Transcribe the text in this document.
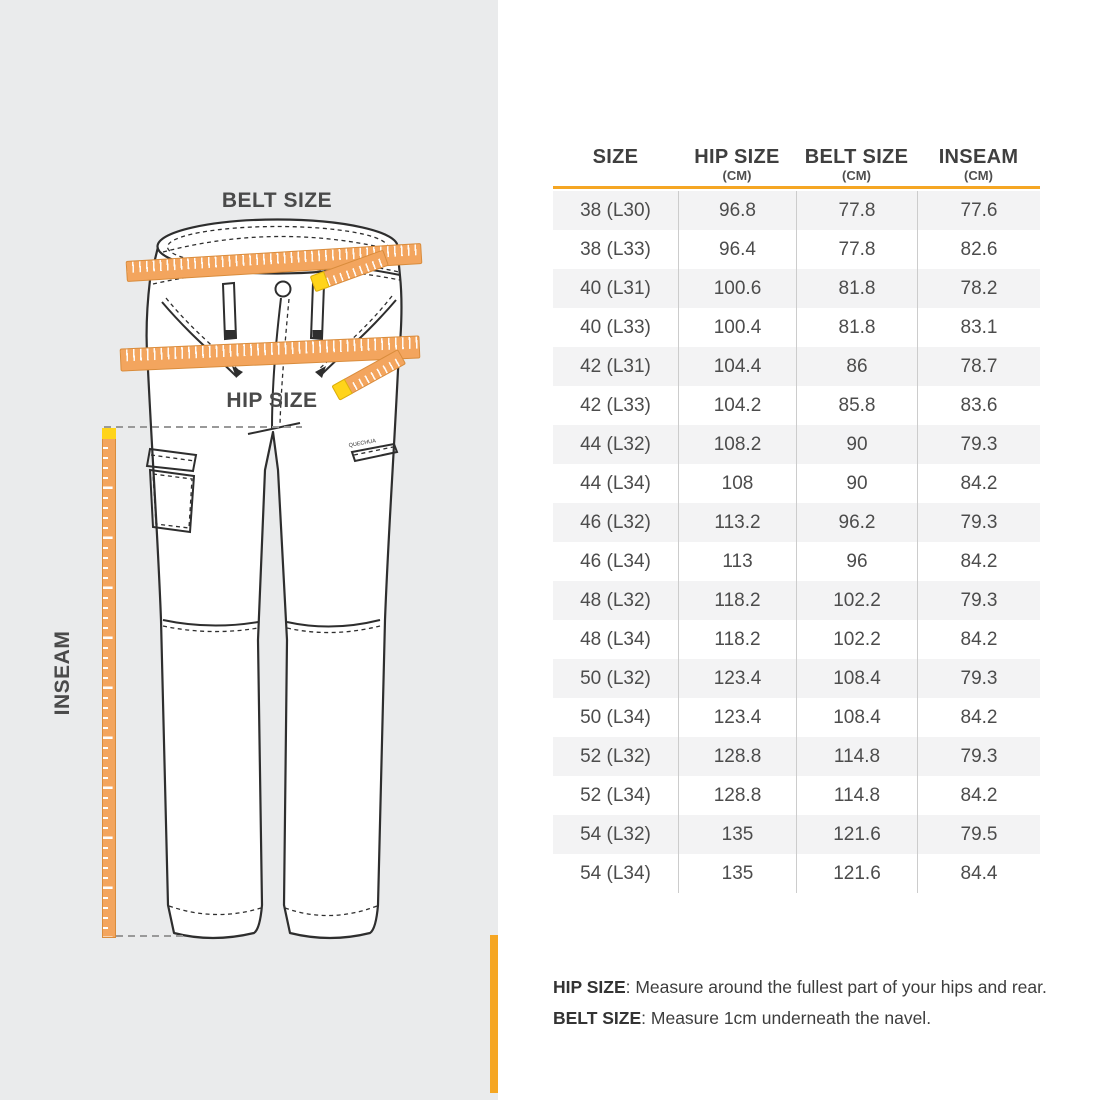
QUECHUA
BELT SIZE
HIP SIZE
INSEAM
SIZE	HIP SIZE
(CM)
BELT SIZE
(CM)
INSEAM
(CM)
38 (L30)	96.8	77.8	77.6
38 (L33)	96.4	77.8	82.6
40 (L31)	100.6	81.8	78.2
40 (L33)	100.4	81.8	83.1
42 (L31)	104.4	86	78.7
42 (L33)	104.2	85.8	83.6
44 (L32)	108.2	90	79.3
44 (L34)	108	90	84.2
46 (L32)	113.2	96.2	79.3
46 (L34)	113	96	84.2
48 (L32)	118.2	102.2	79.3
48 (L34)	118.2	102.2	84.2
50 (L32)	123.4	108.4	79.3
50 (L34)	123.4	108.4	84.2
52 (L32)	128.8	114.8	79.3
52 (L34)	128.8	114.8	84.2
54 (L32)	135	121.6	79.5
54 (L34)	135	121.6	84.4
HIP SIZE: Measure around the fullest part of your hips and rear.
BELT SIZE: Measure 1cm underneath the navel.
